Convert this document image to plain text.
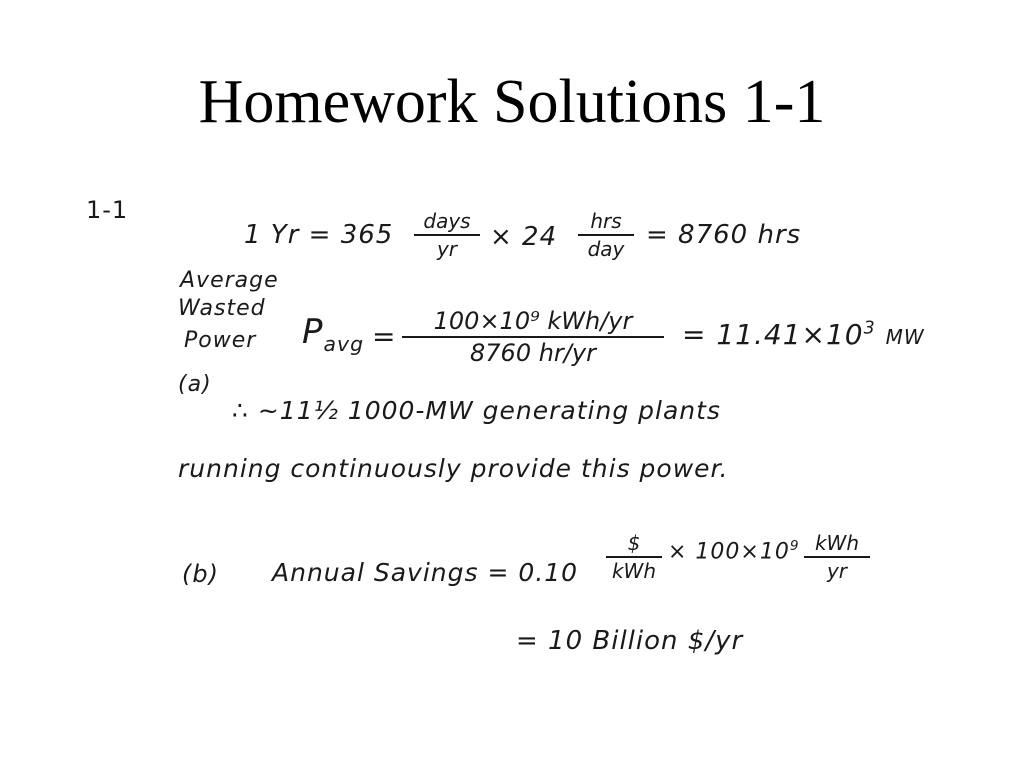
Homework Solutions 1-1
1-1
1 Yr = 365	days
yr	× 24
hrs
day = 8760 hrs
Average
Wasted
Power $P_{avg}$ =	100×10⁹ kWh/yr
8760 hr/yr
= $11.41\times 10^3$ MW
(a)
∴ ~11½ 1000-MW generating plants
running continuously provide this power.
(b) Annual Savings = 0.10
$
kWh
× $100\times 10^9$ kWh
yr
= 10 Billion $/yr
